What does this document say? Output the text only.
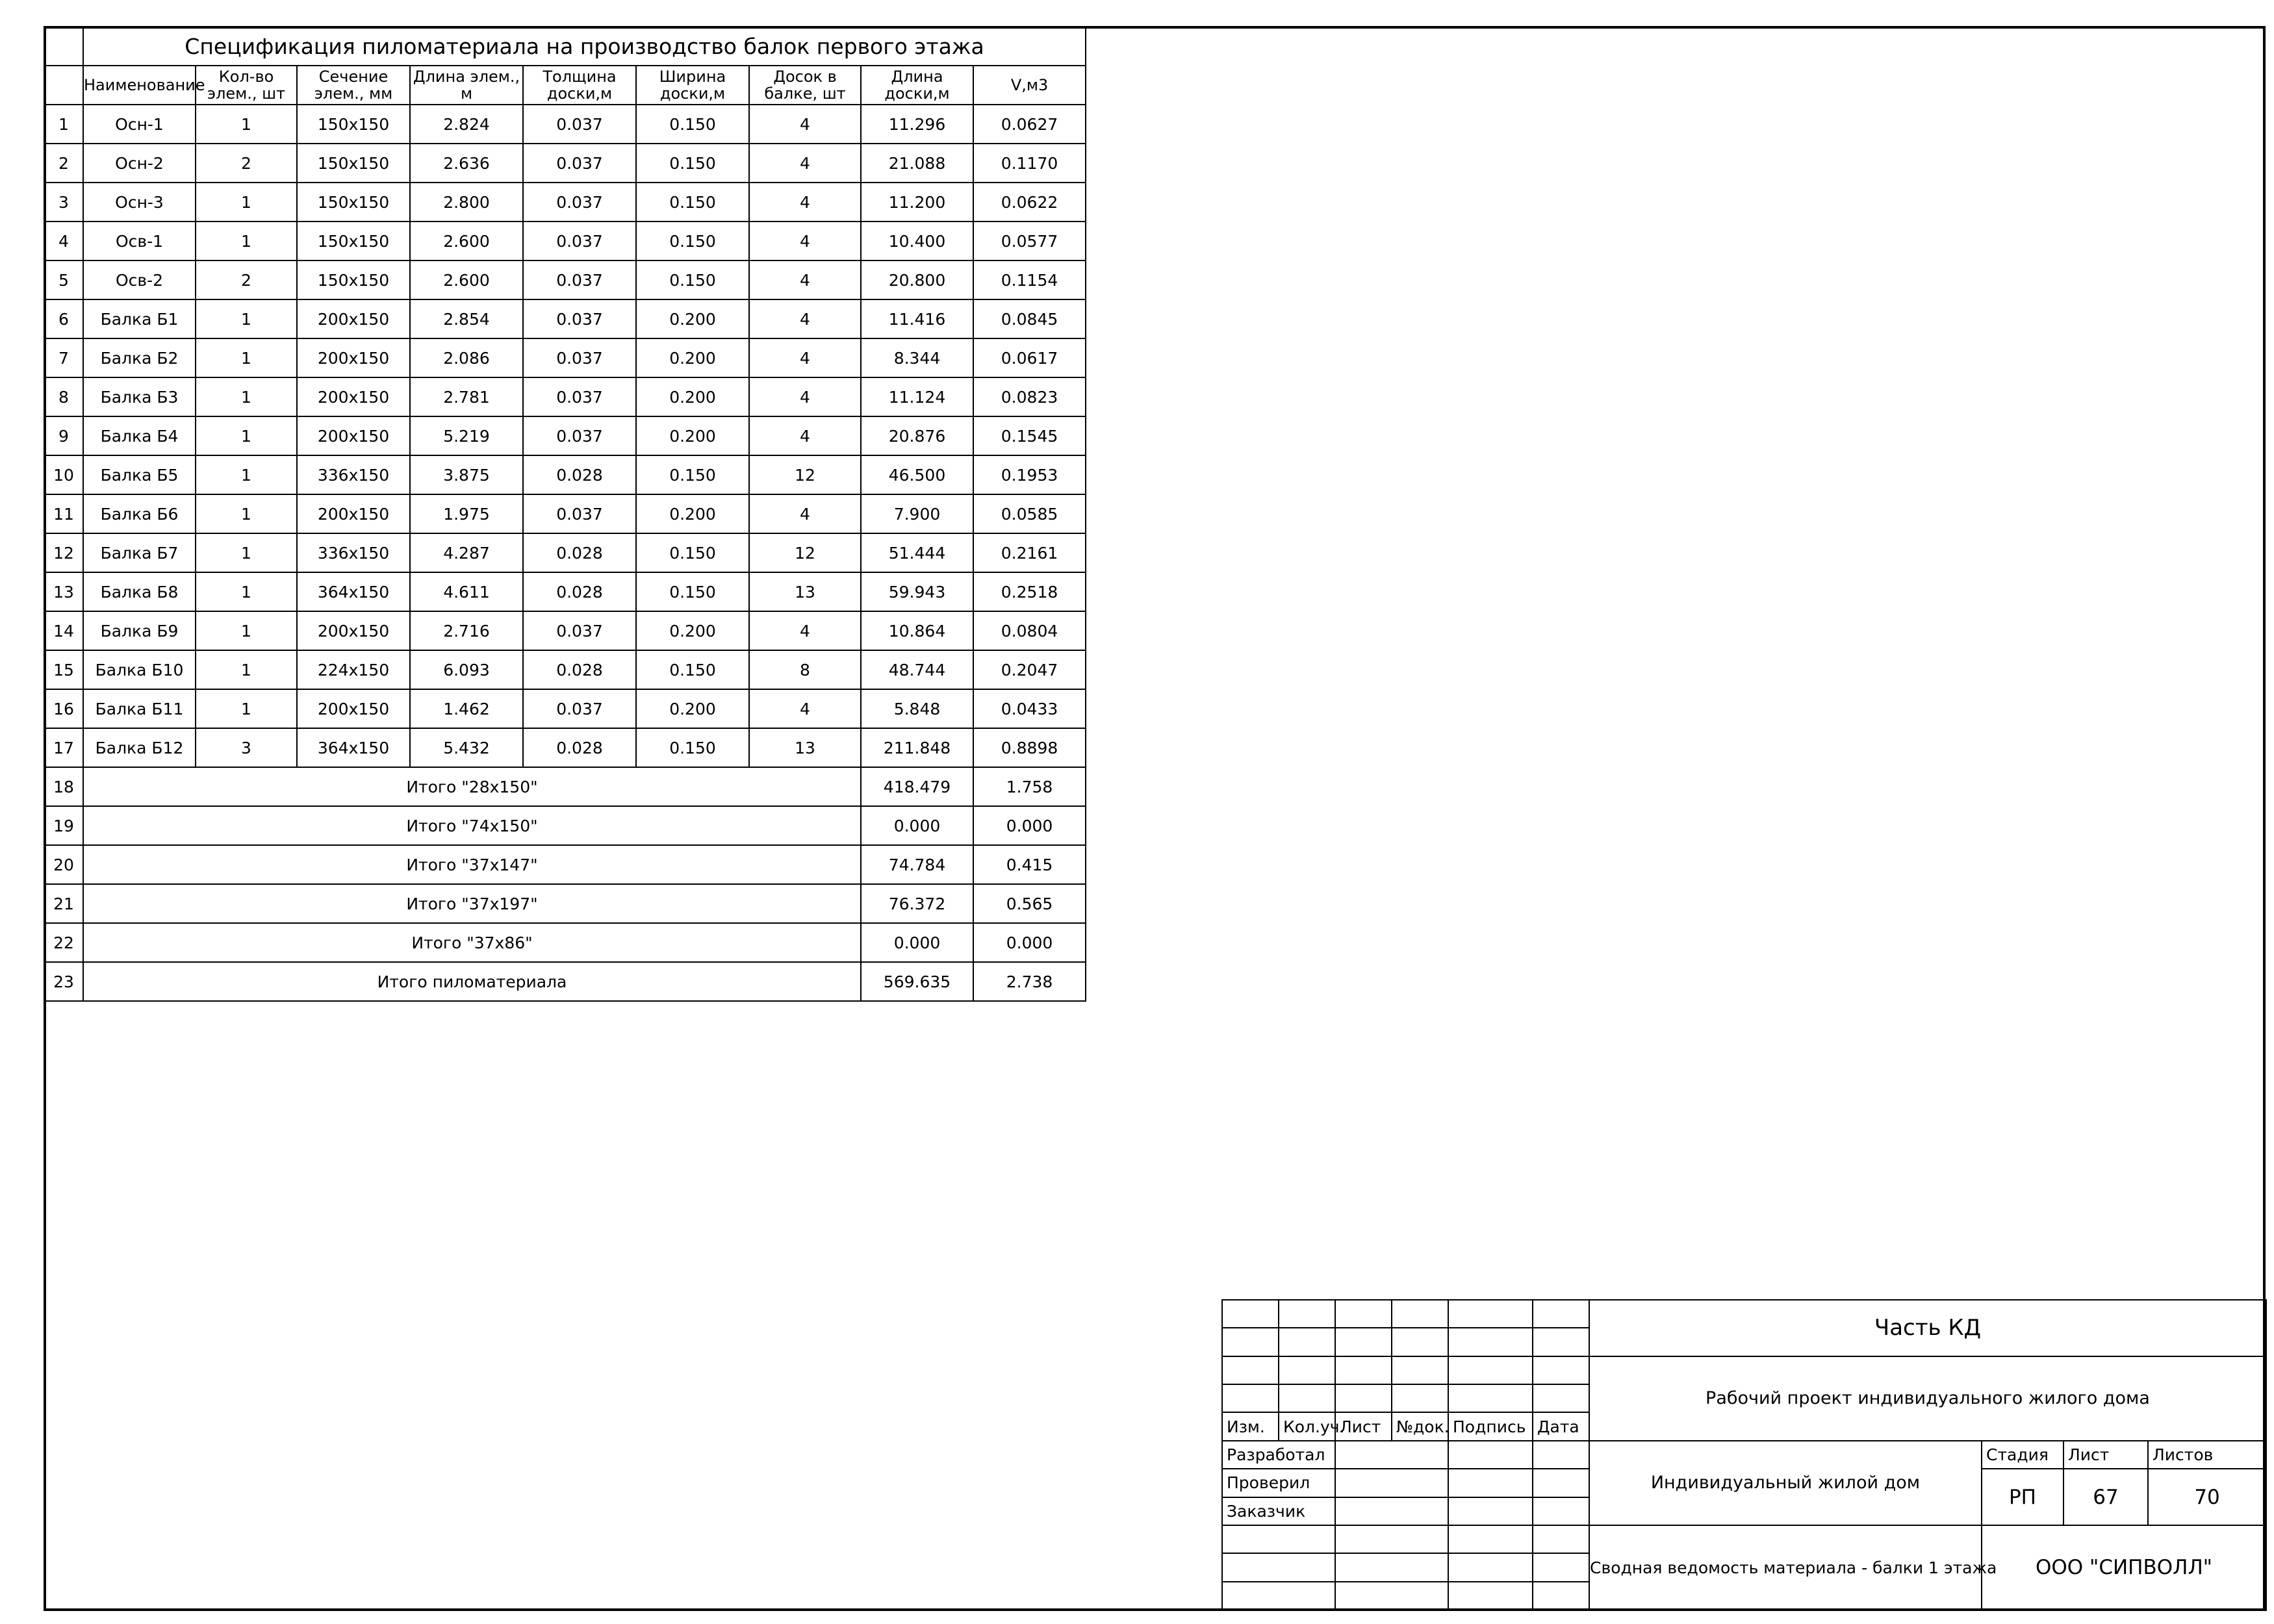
	Спецификация пиломатериала на производство балок первого этажа								
	Наименование	Кол-во элем., шт	Сечение элем., мм	Длина элем., м	Толщина доски,м	Ширина доски,м	Досок в балке, шт	Длина доски,м	V,м3
1	Осн-1	1	150x150	2.824	0.037	0.150	4	11.296	0.0627
2	Осн-2	2	150x150	2.636	0.037	0.150	4	21.088	0.1170
3	Осн-3	1	150x150	2.800	0.037	0.150	4	11.200	0.0622
4	Осв-1	1	150x150	2.600	0.037	0.150	4	10.400	0.0577
5	Осв-2	2	150x150	2.600	0.037	0.150	4	20.800	0.1154
6	Балка Б1	1	200x150	2.854	0.037	0.200	4	11.416	0.0845
7	Балка Б2	1	200x150	2.086	0.037	0.200	4	8.344	0.0617
8	Балка Б3	1	200x150	2.781	0.037	0.200	4	11.124	0.0823
9	Балка Б4	1	200x150	5.219	0.037	0.200	4	20.876	0.1545
10	Балка Б5	1	336x150	3.875	0.028	0.150	12	46.500	0.1953
11	Балка Б6	1	200x150	1.975	0.037	0.200	4	7.900	0.0585
12	Балка Б7	1	336x150	4.287	0.028	0.150	12	51.444	0.2161
13	Балка Б8	1	364x150	4.611	0.028	0.150	13	59.943	0.2518
14	Балка Б9	1	200x150	2.716	0.037	0.200	4	10.864	0.0804
15	Балка Б10	1	224x150	6.093	0.028	0.150	8	48.744	0.2047
16	Балка Б11	1	200x150	1.462	0.037	0.200	4	5.848	0.0433
17	Балка Б12	3	364x150	5.432	0.028	0.150	13	211.848	0.8898
18	Итого "28x150"							418.479	1.758
19	Итого "74x150"							0.000	0.000
20	Итого "37x147"							74.784	0.415
21	Итого "37x197"							76.372	0.565
22	Итого "37x86"							0.000	0.000
23	Итого пиломатериала							569.635	2.738
						Часть КД			

						Рабочий проект индивидуального жилого дома			

Изм.	Кол.уч.	Лист	№док.	Подпись	Дата				
Разработал						Индивидуальный жилой дом	Стадия	Лист	Листов
Проверил							РП	67	70
Заказчик									
						Сводная ведомость материала - балки 1 этажа	ООО "СИПВОЛЛ"		
